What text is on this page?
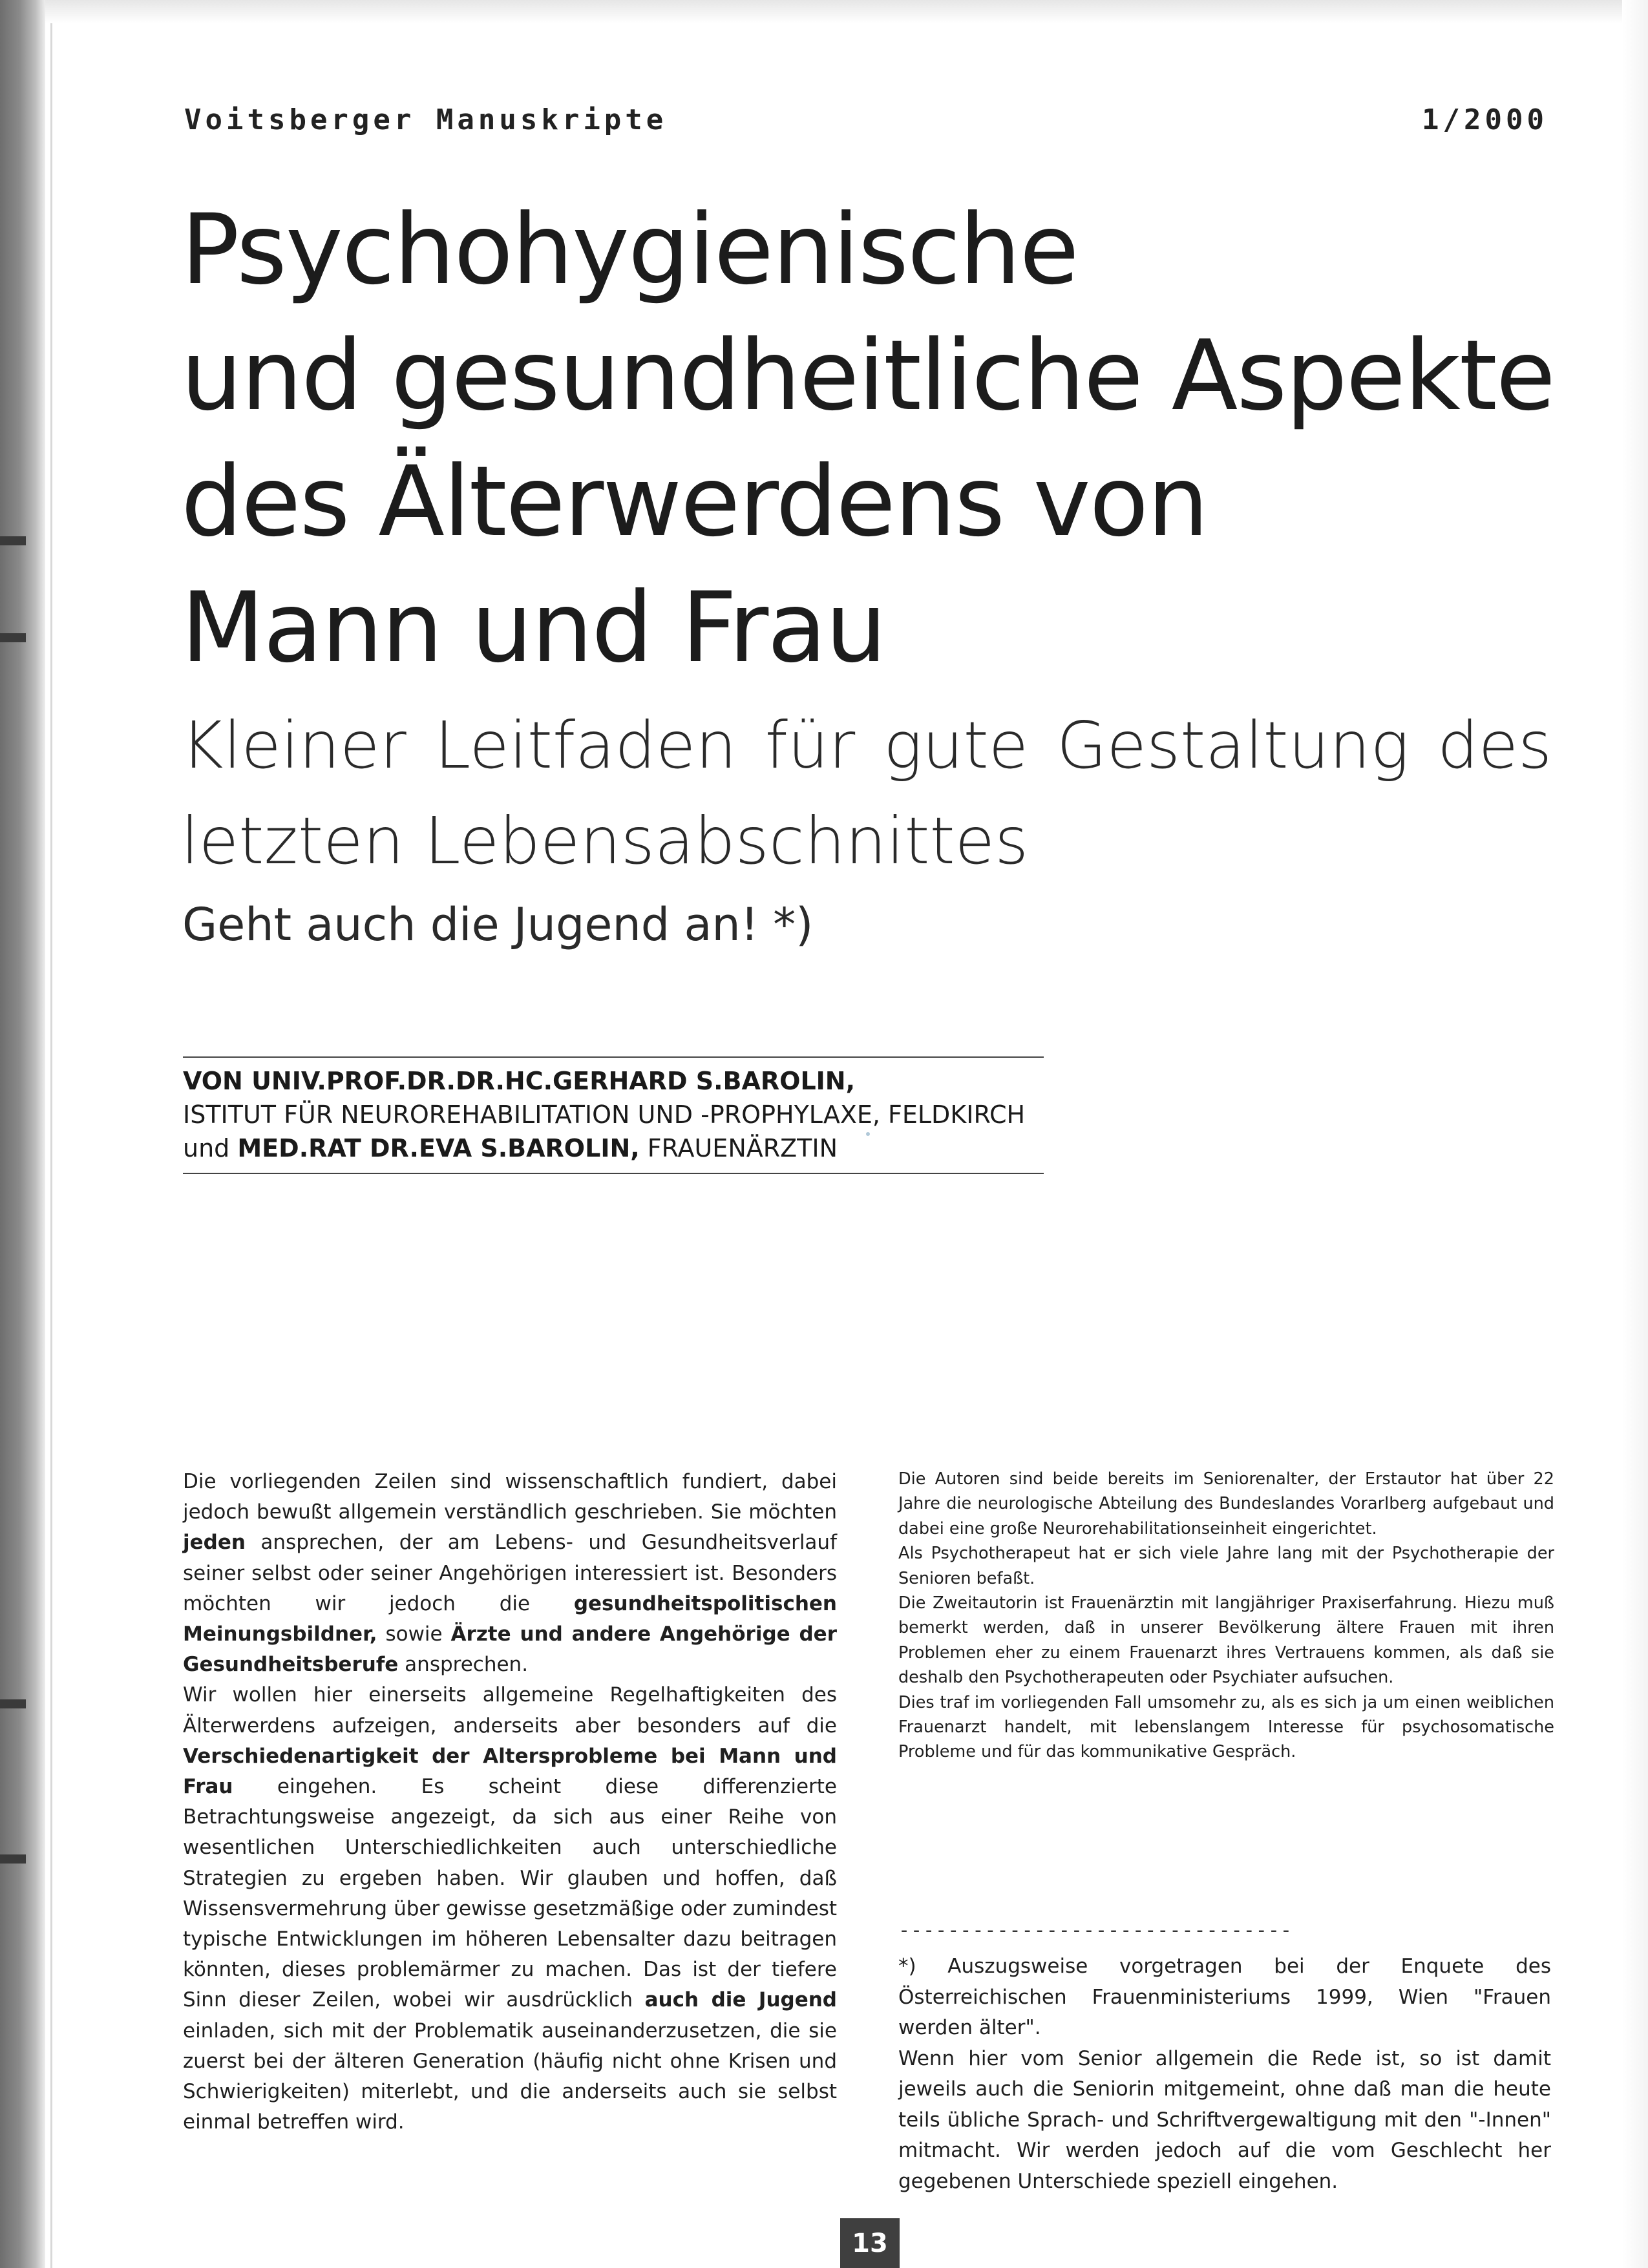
Voitsberger Manuskripte	1/2000
Psychohygienische
und gesundheitliche Aspekte
des Älterwerdens von
Mann und Frau
Kleiner Leitfaden für gute Gestaltung des
letzten Lebensabschnittes
Geht auch die Jugend an! *)
VON UNIV.PROF.DR.DR.HC.GERHARD S.BAROLIN,
ISTITUT FÜR NEUROREHABILITATION UND -PROPHYLAXE, FELDKIRCH
und MED.RAT DR.EVA S.BAROLIN, FRAUENÄRZTIN

Die vorliegenden Zeilen sind wissenschaftlich fundiert, dabei jedoch bewußt allgemein verständlich geschrieben. Sie möchten jeden ansprechen, der am Lebens- und Gesundheitsverlauf seiner selbst oder seiner Angehörigen interessiert ist. Besonders möchten wir jedoch die gesundheitspolitischen Meinungsbildner, sowie Ärzte und andere Angehörige der Gesundheitsberufe ansprechen.

Wir wollen hier einerseits allgemeine Regelhaftigkeiten des Älterwerdens aufzeigen, anderseits aber besonders auf die Verschiedenartigkeit der Altersprobleme bei Mann und Frau eingehen. Es scheint diese differenzierte Betrachtungsweise angezeigt, da sich aus einer Reihe von wesentlichen Unterschiedlichkeiten auch unterschiedliche Strategien zu ergeben haben. Wir glauben und hoffen, daß Wissensvermehrung über gewisse gesetzmäßige oder zumindest typische Entwicklungen im höheren Lebensalter dazu beitragen könnten, dieses problemärmer zu machen. Das ist der tiefere Sinn dieser Zeilen, wobei wir ausdrücklich auch die Jugend einladen, sich mit der Problematik auseinanderzusetzen, die sie zuerst bei der älteren Generation (häufig nicht ohne Krisen und Schwierigkeiten) miterlebt, und die anderseits auch sie selbst einmal betreffen wird.

Die Autoren sind beide bereits im Seniorenalter, der Erstautor hat über 22 Jahre die neurologische Abteilung des Bundeslandes Vorarlberg aufgebaut und dabei eine große Neurorehabilitationseinheit eingerichtet.

Als Psychotherapeut hat er sich viele Jahre lang mit der Psychotherapie der Senioren befaßt.

Die Zweitautorin ist Frauenärztin mit langjähriger Praxiserfahrung. Hiezu muß bemerkt werden, daß in unserer Bevölkerung ältere Frauen mit ihren Problemen eher zu einem Frauenarzt ihres Vertrauens kommen, als daß sie deshalb den Psychotherapeuten oder Psychiater aufsuchen.

Dies traf im vorliegenden Fall umsomehr zu, als es sich ja um einen weiblichen Frauenarzt handelt, mit lebenslangem Interesse für psychosomatische Probleme und für das kommunikative Gespräch.

--------------------------------

*) Auszugsweise vorgetragen bei der Enquete des Österreichischen Frauenministeriums 1999, Wien "Frauen werden älter".

Wenn hier vom Senior allgemein die Rede ist, so ist damit jeweils auch die Seniorin mitgemeint, ohne daß man die heute teils übliche Sprach- und Schriftvergewaltigung mit den "-Innen" mitmacht. Wir werden jedoch auf die vom Geschlecht her gegebenen Unterschiede speziell eingehen.

13
